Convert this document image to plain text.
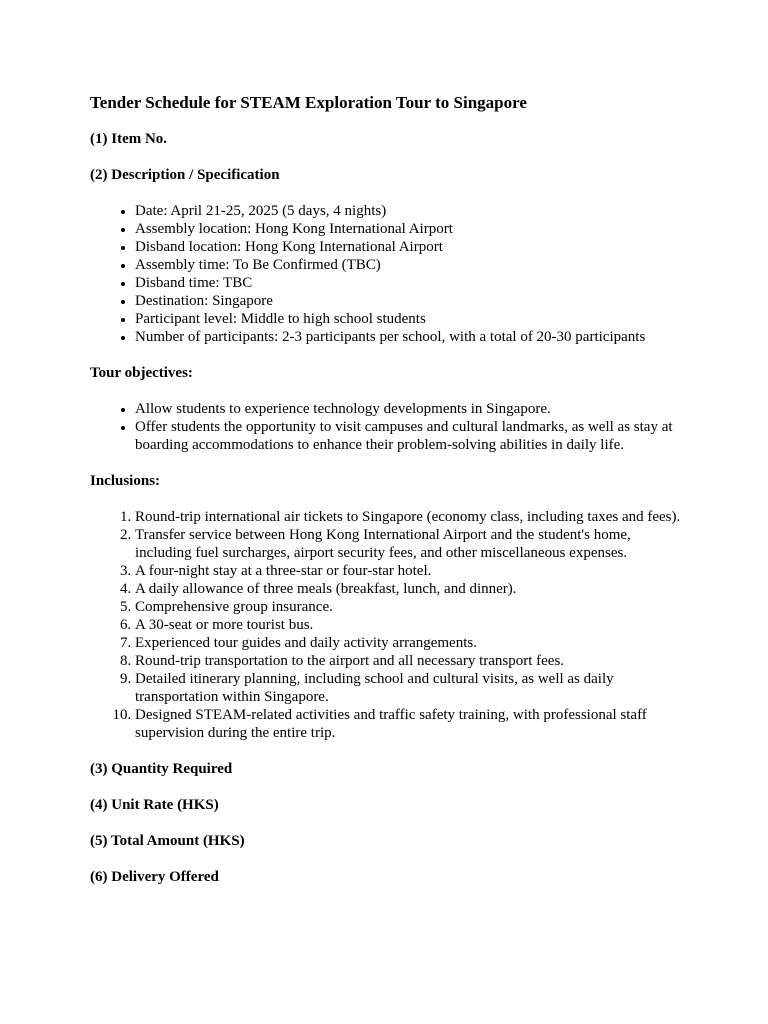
Tender Schedule for STEAM Exploration Tour to Singapore

(1) Item No.

(2) Description / Specification

• Date: April 21-25, 2025 (5 days, 4 nights)
• Assembly location: Hong Kong International Airport
• Disband location: Hong Kong International Airport
• Assembly time: To Be Confirmed (TBC)
• Disband time: TBC
• Destination: Singapore
• Participant level: Middle to high school students
• Number of participants: 2-3 participants per school, with a total of 20-30 participants

Tour objectives:

• Allow students to experience technology developments in Singapore.
• Offer students the opportunity to visit campuses and cultural landmarks, as well as stay at boarding accommodations to enhance their problem-solving abilities in daily life.

Inclusions:

1. Round-trip international air tickets to Singapore (economy class, including taxes and fees).
2. Transfer service between Hong Kong International Airport and the student's home, including fuel surcharges, airport security fees, and other miscellaneous expenses.
3. A four-night stay at a three-star or four-star hotel.
4. A daily allowance of three meals (breakfast, lunch, and dinner).
5. Comprehensive group insurance.
6. A 30-seat or more tourist bus.
7. Experienced tour guides and daily activity arrangements.
8. Round-trip transportation to the airport and all necessary transport fees.
9. Detailed itinerary planning, including school and cultural visits, as well as daily transportation within Singapore.
10. Designed STEAM-related activities and traffic safety training, with professional staff supervision during the entire trip.

(3) Quantity Required

(4) Unit Rate (HKS)

(5) Total Amount (HKS)

(6) Delivery Offered
